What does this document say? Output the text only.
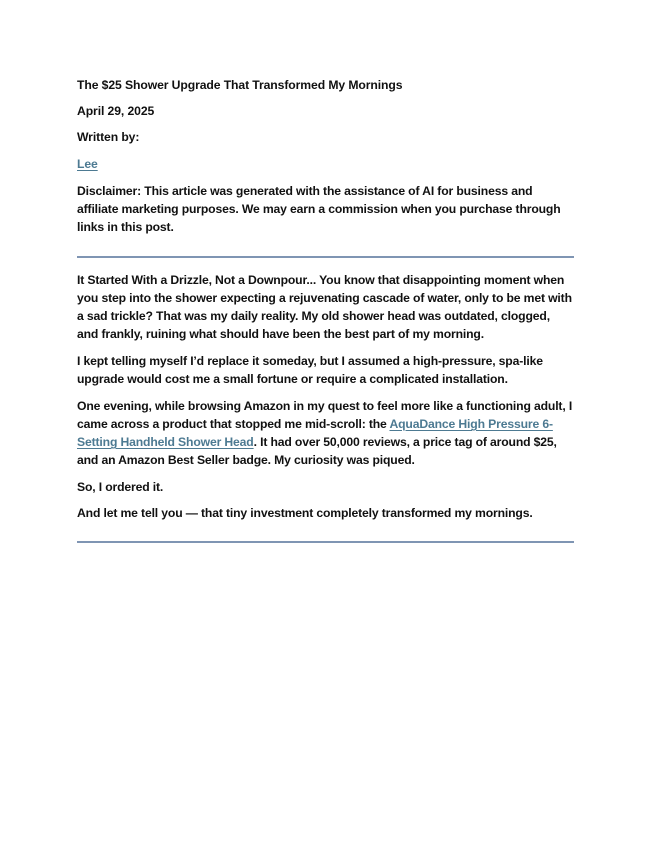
The $25 Shower Upgrade That Transformed My Mornings
April 29, 2025
Written by:
Lee
Disclaimer: This article was generated with the assistance of AI for business and affiliate marketing purposes. We may earn a commission when you purchase through links in this post.
It Started With a Drizzle, Not a Downpour... You know that disappointing moment when you step into the shower expecting a rejuvenating cascade of water, only to be met with a sad trickle? That was my daily reality. My old shower head was outdated, clogged, and frankly, ruining what should have been the best part of my morning.
I kept telling myself I’d replace it someday, but I assumed a high-pressure, spa-like upgrade would cost me a small fortune or require a complicated installation.
One evening, while browsing Amazon in my quest to feel more like a functioning adult, I came across a product that stopped me mid-scroll: the AquaDance High Pressure 6-Setting Handheld Shower Head. It had over 50,000 reviews, a price tag of around $25, and an Amazon Best Seller badge. My curiosity was piqued.
So, I ordered it.
And let me tell you — that tiny investment completely transformed my mornings.
